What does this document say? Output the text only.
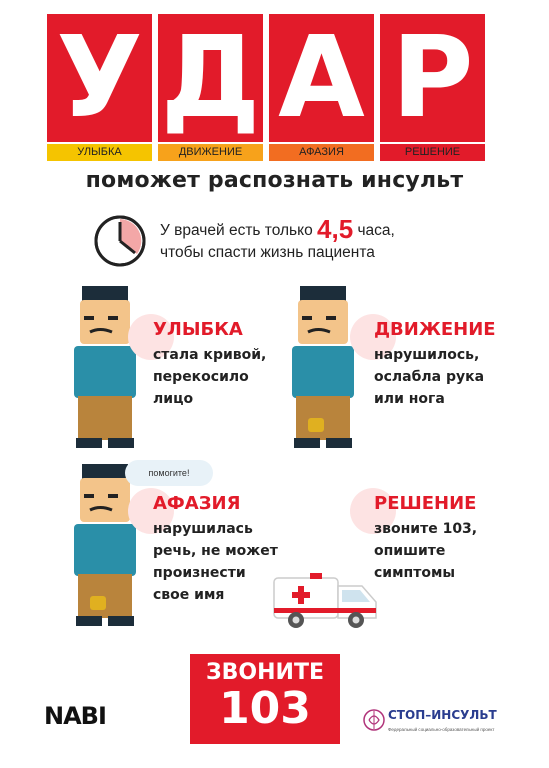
У Д А Р
УЛЫБКА	ДВИЖЕНИЕ	АФАЗИЯ	РЕШЕНИЕ
поможет распознать инсульт
У врачей есть только 4,5 часа,
чтобы спасти жизнь пациента
УЛЫБКА
стала кривой,
перекосило
лицо
ДВИЖЕНИЕ
нарушилось,
ослабла рука
или нога
помогите!
АФАЗИЯ
нарушилась
речь, не может
произнести
свое имя
РЕШЕНИЕ
звоните 103,
опишите
симптомы
ЗВОНИТЕ
103
NABI	СТОП–ИНСУЛЬТ
Федеральный социально-образовательный проект
